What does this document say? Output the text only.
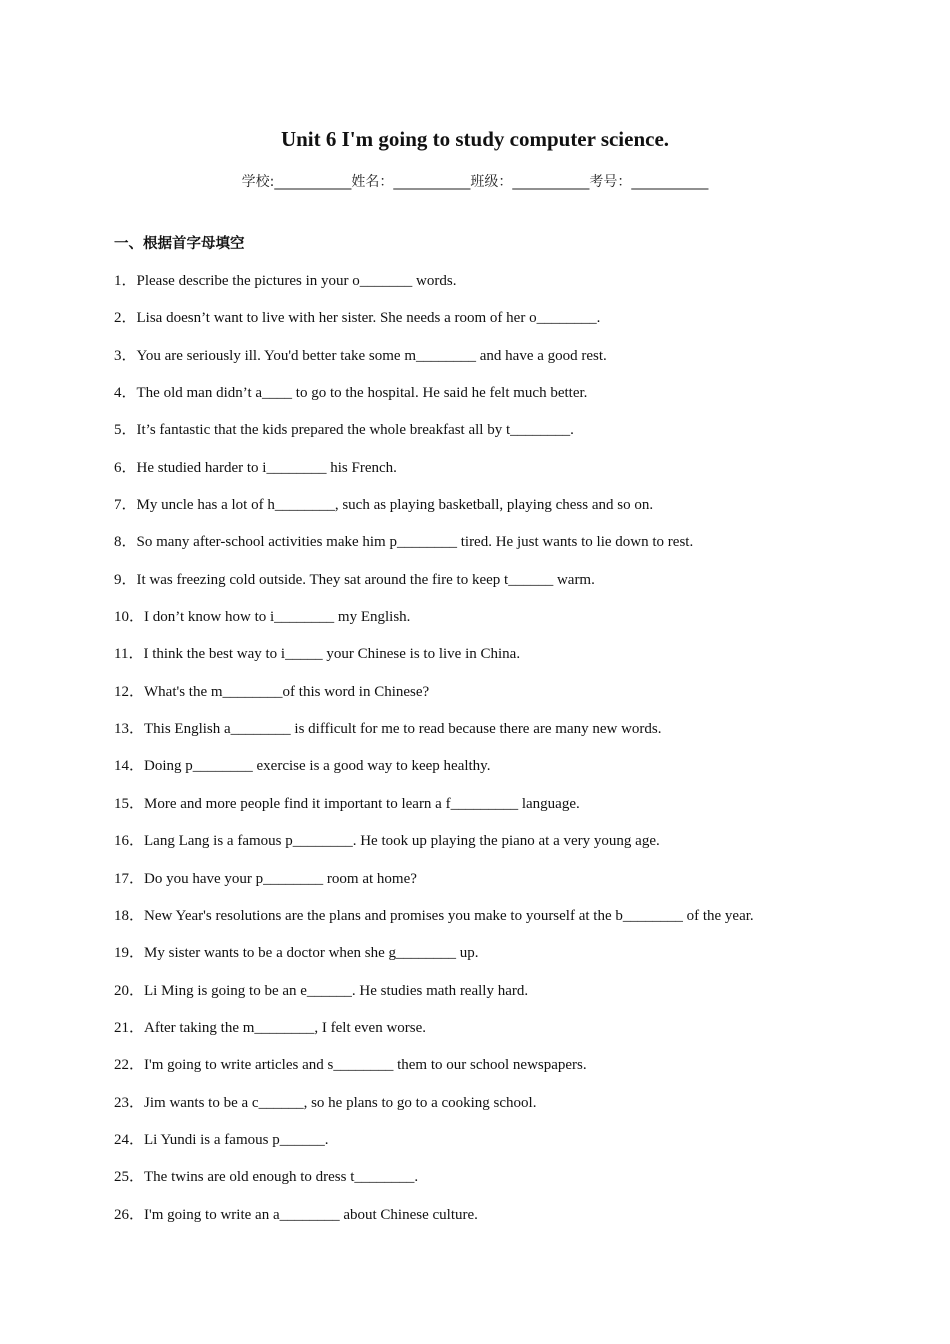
Unit 6 I'm going to study computer science.
学校:___________姓名：___________班级：___________考号：___________
一、根据首字母填空
1．Please describe the pictures in your o_______ words.
2．Lisa doesn’t want to live with her sister. She needs a room of her o________.
3．You are seriously ill. You'd better take some m________ and have a good rest.
4．The old man didn’t a____ to go to the hospital. He said he felt much better.
5．It’s fantastic that the kids prepared the whole breakfast all by t________.
6．He studied harder to i________ his French.
7．My uncle has a lot of h________, such as playing basketball, playing chess and so on.
8．So many after-school activities make him p________ tired. He just wants to lie down to rest.
9．It was freezing cold outside. They sat around the fire to keep t______ warm.
10．I don’t know how to i________ my English.
11．I think the best way to i_____ your Chinese is to live in China.
12．What's the m________of this word in Chinese?
13．This English a________ is difficult for me to read because there are many new words.
14．Doing p________ exercise is a good way to keep healthy.
15．More and more people find it important to learn a f_________ language.
16．Lang Lang is a famous p________. He took up playing the piano at a very young age.
17．Do you have your p________ room at home?
18．New Year's resolutions are the plans and promises you make to yourself at the b________ of the year.
19．My sister wants to be a doctor when she g________ up.
20．Li Ming is going to be an e______. He studies math really hard.
21．After taking the m________, I felt even worse.
22．I'm going to write articles and s________ them to our school newspapers.
23．Jim wants to be a c______, so he plans to go to a cooking school.
24．Li Yundi is a famous p______.
25．The twins are old enough to dress t________.
26．I'm going to write an a________ about Chinese culture.
